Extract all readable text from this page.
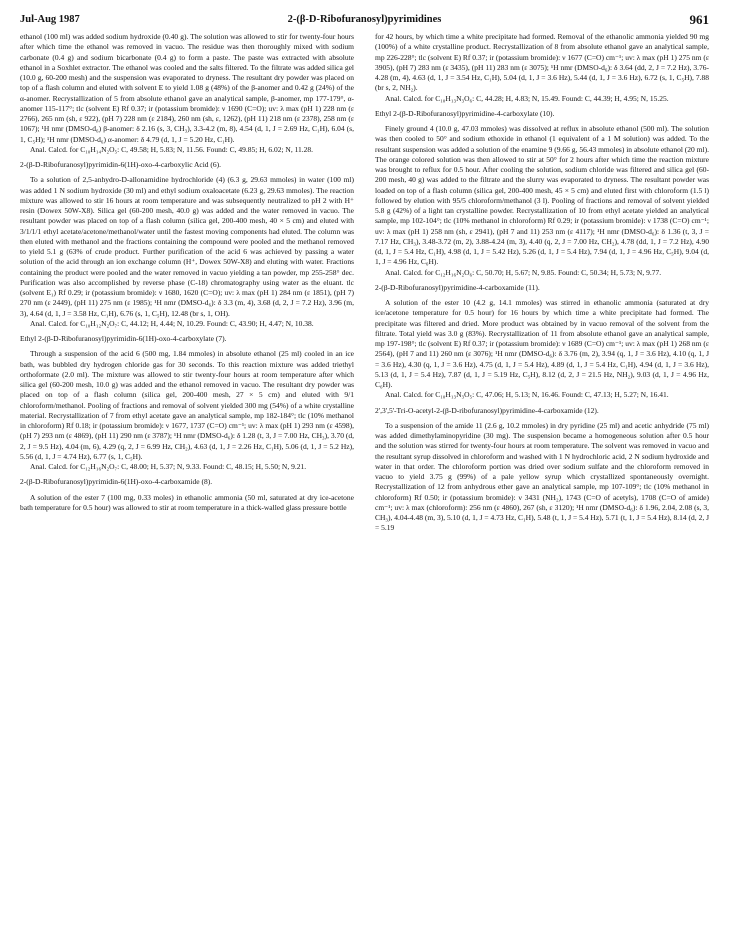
Jul-Aug 1987	2-(β-D-Ribofuranosyl)pyrimidines	961

ethanol (100 ml) was added sodium hydroxide (0.40 g). The solution was allowed to stir for twenty-four hours after which time the ethanol was removed in vacuo. The residue was then thoroughly mixed with sodium carbonate (0.4 g) and sodium bicarbonate (0.4 g) to form a paste. The paste was extracted with absolute ethanol in a Soxhlet extractor. The ethanol was cooled and the salts filtered. To the filtrate was added silica gel (10.0 g, 60-200 mesh) and the suspension was evaporated to dryness. The resultant dry powder was placed on top of a flash column and eluted with solvent E to yield 1.08 g (48%) of the β-anomer and 0.42 g (24%) of the α-anomer. Recrystallization of 5 from absolute ethanol gave an analytical sample, β-anomer, mp 177-179°, α-anomer 115-117°; tlc (solvent E) Rf 0.37; ir (potassium bromide): ν 1690 (C=O); uv: λ max (pH 1) 228 nm (ε 2766), 265 nm (sh, ε 922), (pH 7) 228 nm (ε 2184), 260 nm (sh, ε, 1262), (pH 11) 218 nm (ε 2378), 258 nm (ε 1067); ¹H nmr (DMSO-d₆) β-anomer: δ 2.16 (s, 3, CH₃), 3.3-4.2 (m, 8), 4.54 (d, 1, J = 2.69 Hz, C₁H), 6.04 (s, 1, C₅H); ¹H nmr (DMSO-d₆) α-anomer: δ 4.79 (d, 1, J = 5.20 Hz, C₁H).

Anal. Calcd. for C₁₀H₁₄N₂O₅: C, 49.58; H, 5.83; N, 11.56. Found: C, 49.85; H, 6.02; N, 11.28.

2-(β-D-Ribofuranosyl)pyrimidin-6(1H)-oxo-4-carboxylic Acid (6).

To a solution of 2,5-anhydro-D-allonamidine hydrochloride (4) (6.3 g, 29.63 mmoles) in water (100 ml) was added 1 N sodium hydroxide (30 ml) and ethyl sodium oxaloacetate (6.23 g, 29.63 mmoles). The reaction mixture was allowed to stir 16 hours at room temperature and was subsequently neutralized to pH 2 with H⁺ resin (Dowex 50W-X8). Silica gel (60-200 mesh, 40.0 g) was added and the water removed in vacuo. The resultant powder was placed on top of a flash column (silica gel, 200-400 mesh, 40 × 5 cm) and eluted with 3/1/1/1 ethyl acetate/acetone/methanol/water until the fastest moving components had eluted. The column was then eluted with methanol and the fractions containing the compound were pooled and the methanol removed to yield 5.1 g (63% of crude product. Further purification of the acid 6 was achieved by passing a water solution of the acid through an ion exchange column (H⁺, Dowex 50W-X8) and eluting with water. Fractions containing the product were pooled and the water removed in vacuo yielding a tan powder, mp 255-258° dec. Purification was also accomplished by reverse phase (C-18) chromatography using water as the eluant. tlc (solvent E₁) Rf 0.29; ir (potassium bromide): ν 1680, 1620 (C=O); uv: λ max (pH 1) 284 nm (ε 1851), (pH 7) 270 nm (ε 2449), (pH 11) 275 nm (ε 1985); ¹H nmr (DMSO-d₆): δ 3.3 (m, 4), 3.68 (d, 2, J = 7.2 Hz), 3.96 (m, 3), 4.64 (d, 1, J = 3.58 Hz, C₁H), 6.76 (s, 1, C₅H), 12.48 (br s, 1, OH).

Anal. Calcd. for C₁₀H₁₂N₂O₇: C, 44.12; H, 4.44; N, 10.29. Found: C, 43.90; H, 4.47; N, 10.38.

Ethyl 2-(β-D-Ribofuranosyl)pyrimidin-6(1H)-oxo-4-carboxylate (7).

Through a suspension of the acid 6 (500 mg, 1.84 mmoles) in absolute ethanol (25 ml) cooled in an ice bath, was bubbled dry hydrogen chloride gas for 30 seconds. To this reaction mixture was added triethyl orthoformate (2.0 ml). The mixture was allowed to stir twenty-four hours at room temperature after which silica gel (60-200 mesh, 10.0 g) was added and the ethanol removed in vacuo. The resultant dry powder was placed on top of a flash column (silica gel, 200-400 mesh, 27 × 5 cm) and eluted with 9/1 chloroform/methanol. Pooling of fractions and removal of solvent yielded 300 mg (54%) of a white crystalline material. Recrystallization of 7 from ethyl acetate gave an analytical sample, mp 182-184°; tlc (10% methanol in chloroform) Rf 0.18; ir (potassium bromide): ν 1677, 1737 (C=O) cm⁻¹; uv: λ max (pH 1) 293 nm (ε 4598), (pH 7) 293 nm (ε 4869), (pH 11) 290 nm (ε 3787); ¹H nmr (DMSO-d₆): δ 1.28 (t, 3, J = 7.00 Hz, CH₃), 3.70 (d, 2, J = 9.5 Hz), 4.04 (m, 6), 4.29 (q, 2, J = 6.99 Hz, CH₂), 4.63 (d, 1, J = 2.26 Hz, C₁H), 5.06 (d, 1, J = 5.2 Hz), 5.56 (d, 1, J = 4.74 Hz), 6.77 (s, 1, C₅H).

Anal. Calcd. for C₁₂H₁₆N₂O₇: C, 48.00; H, 5.37; N, 9.33. Found: C, 48.15; H, 5.50; N, 9.21.

2-(β-D-Ribofuranosyl)pyrimidin-6(1H)-oxo-4-carboxamide (8).

A solution of the ester 7 (100 mg, 0.33 moles) in ethanolic ammonia (50 ml, saturated at dry ice-acetone bath temperature for 0.5 hour) was allowed to stir at room temperature in a thick-walled glass pressure bottle

for 42 hours, by which time a white precipitate had formed. Removal of the ethanolic ammonia yielded 90 mg (100%) of a white crystalline product. Recrystallization of 8 from absolute ethanol gave an analytical sample, mp 226-228°; tlc (solvent E) Rf 0.37; ir (potassium bromide): ν 1677 (C=O) cm⁻¹; uv: λ max (pH 1) 275 nm (ε 3905), (pH 7) 283 nm (ε 3435), (pH 11) 283 nm (ε 3075); ¹H nmr (DMSO-d₆): δ 3.64 (dd, 2, J = 7.2 Hz), 3.76-4.28 (m, 4), 4.63 (d, 1, J = 3.54 Hz, C₁H), 5.04 (d, 1, J = 3.6 Hz), 5.44 (d, 1, J = 3.6 Hz), 6.72 (s, 1, C₅H), 7.88 (br s, 2, NH₂).

Anal. Calcd. for C₁₀H₁₃N₃O₆: C, 44.28; H, 4.83; N, 15.49. Found: C, 44.39; H, 4.95; N, 15.25.

Ethyl 2-(β-D-Ribofuranosyl)pyrimidine-4-carboxylate (10).

Finely ground 4 (10.0 g, 47.03 mmoles) was dissolved at reflux in absolute ethanol (500 ml). The solution was then cooled to 50° and sodium ethoxide in ethanol (1 equivalent of a 1 M solution) was added. To the resultant suspension was added a solution of the enamine 9 (9.66 g, 56.43 mmoles) in absolute ethanol (20 ml). The orange colored solution was then allowed to stir at 50° for 2 hours after which time the reaction mixture was brought to reflux for 0.5 hour. After cooling the solution, sodium chloride was filtered and silica gel (60-200 mesh, 40 g) was added to the filtrate and the slurry was evaporated to dryness. The resultant powder was loaded on top of a flash column (silica gel, 200-400 mesh, 45 × 5 cm) and eluted first with chloroform (1.5 l) followed by elution with 95/5 chloroform/methanol (3 l). Pooling of fractions and removal of solvent yielded 5.8 g (42%) of a light tan crystalline powder. Recrystallization of 10 from ethyl acetate yielded an analytical sample, mp 102-104°; tlc (10% methanol in chloroform) Rf 0.29; ir (potassium bromide): ν 1738 (C=O) cm⁻¹; uv: λ max (pH 1) 258 nm (sh, ε 2941), (pH 7 and 11) 253 nm (ε 4117); ¹H nmr (DMSO-d₆): δ 1.36 (t, 3, J = 7.17 Hz, CH₃), 3.48-3.72 (m, 2), 3.88-4.24 (m, 3), 4.40 (q, 2, J = 7.00 Hz, CH₂), 4.78 (dd, 1, J = 7.2 Hz), 4.90 (d, 1, J = 5.4 Hz, C₁H), 4.98 (d, 1, J = 5.42 Hz), 5.26 (d, 1, J = 5.4 Hz), 7.94 (d, 1, J = 4.96 Hz, C₅H), 9.04 (d, 1, J = 4.96 Hz, C₆H).

Anal. Calcd. for C₁₂H₁₆N₂O₆: C, 50.70; H, 5.67; N, 9.85. Found: C, 50.34; H, 5.73; N, 9.77.

2-(β-D-Ribofuranosyl)pyrimidine-4-carboxamide (11).

A solution of the ester 10 (4.2 g, 14.1 mmoles) was stirred in ethanolic ammonia (saturated at dry ice/acetone temperature for 0.5 hour) for 16 hours by which time a white precipitate had formed. The precipitate was filtered and dried. More product was obtained by in vacuo removal of the solvent from the filtrate. Total yield was 3.0 g (83%). Recrystallization of 11 from absolute ethanol gave an analytical sample, mp 197-198°; tlc (solvent E) Rf 0.37; ir (potassium bromide): ν 1689 (C=O) cm⁻¹; uv: λ max (pH 1) 268 nm (ε 2564), (pH 7 and 11) 260 nm (ε 3076); ¹H nmr (DMSO-d₆): δ 3.76 (m, 2), 3.94 (q, 1, J = 3.6 Hz), 4.10 (q, 1, J = 3.6 Hz), 4.30 (q, 1, J = 3.6 Hz), 4.75 (d, 1, J = 5.4 Hz), 4.89 (d, 1, J = 5.4 Hz, C₁H), 4.94 (d, 1, J = 3.6 Hz), 5.13 (d, 1, J = 5.4 Hz), 7.87 (d, 1, J = 5.19 Hz, C₅H), 8.12 (d, 2, J = 21.5 Hz, NH₂), 9.03 (d, 1, J = 4.96 Hz, C₆H).

Anal. Calcd. for C₁₀H₁₃N₃O₅: C, 47.06; H, 5.13; N, 16.46. Found: C, 47.13; H, 5.27; N, 16.41.

2',3',5'-Tri-O-acetyl-2-(β-D-ribofuranosyl)pyrimidine-4-carboxamide (12).

To a suspension of the amide 11 (2.6 g, 10.2 mmoles) in dry pyridine (25 ml) and acetic anhydride (75 ml) was added dimethylaminopyridine (30 mg). The suspension became a homogeneous solution after 0.5 hour and the solution was stirred for twenty-four hours at room temperature. The solvent was removed in vacuo and the resultant syrup dissolved in chloroform and washed with 1 N hydrochloric acid, 2 N sodium hydroxide and water in that order. The chloroform portion was dried over sodium sulfate and the chloroform removed in vacuo to yield 3.75 g (99%) of a pale yellow syrup which crystallized spontaneously overnight. Recrystallization of 12 from anhydrous ether gave an analytical sample, mp 107-109°; tlc (10% methanol in chloroform) Rf 0.50; ir (potassium bromide): ν 3431 (NH₂), 1743 (C=O of acetyls), 1708 (C=O of amide) cm⁻¹; uv: λ max (chloroform): 256 nm (ε 4860), 267 (sh, ε 3120); ¹H nmr (DMSO-d₆): δ 1.96, 2.04, 2.08 (s, 3, CH₃), 4.04-4.48 (m, 3), 5.10 (d, 1, J = 4.73 Hz, C₁H), 5.48 (t, 1, J = 5.4 Hz), 5.71 (t, 1, J = 5.4 Hz), 8.14 (d, 2, J = 5.19
